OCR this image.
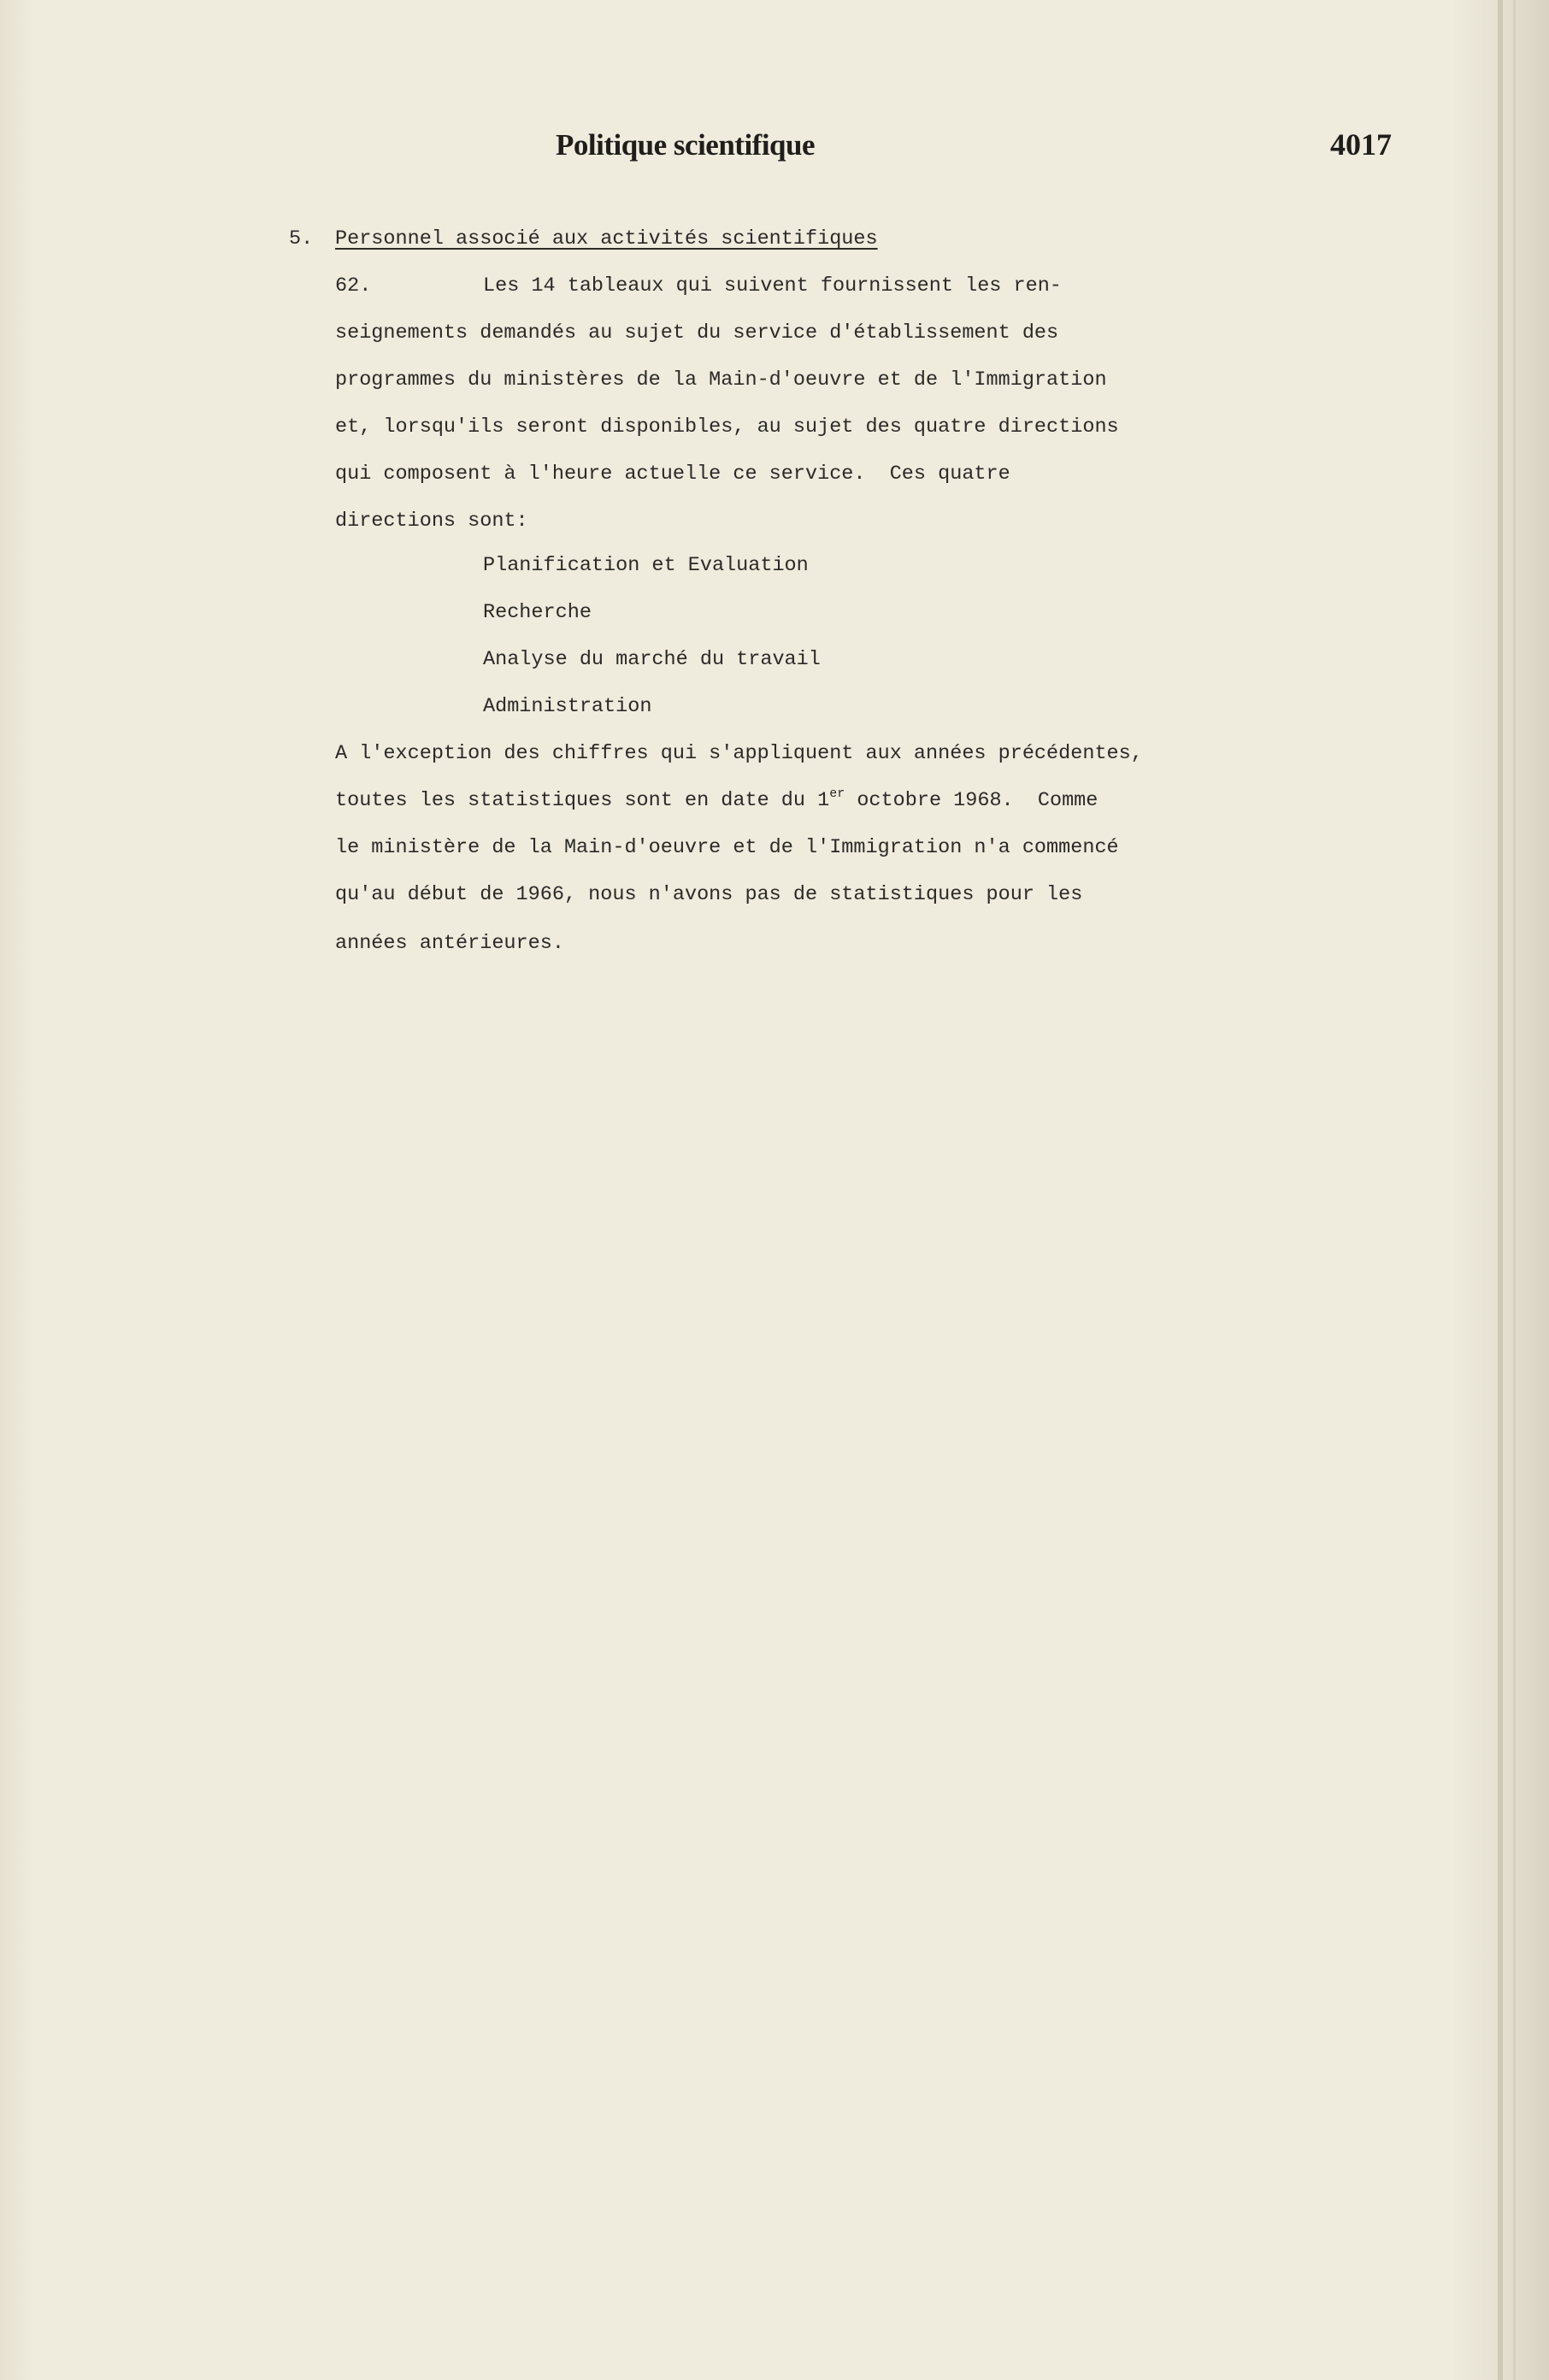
Politique scientifique	4017
5. Personnel associé aux activités scientifiques
62.	Les 14 tableaux qui suivent fournissent les ren-
seignements demandés au sujet du service d'établissement des
programmes du ministères de la Main-d'oeuvre et de l'Immigration
et, lorsqu'ils seront disponibles, au sujet des quatre directions
qui composent à l'heure actuelle ce service.  Ces quatre
directions sont:
Planification et Evaluation
Recherche
Analyse du marché du travail
Administration
A l'exception des chiffres qui s'appliquent aux années précédentes,
toutes les statistiques sont en date du 1er octobre 1968.  Comme
le ministère de la Main-d'oeuvre et de l'Immigration n'a commencé
qu'au début de 1966, nous n'avons pas de statistiques pour les
années antérieures.
